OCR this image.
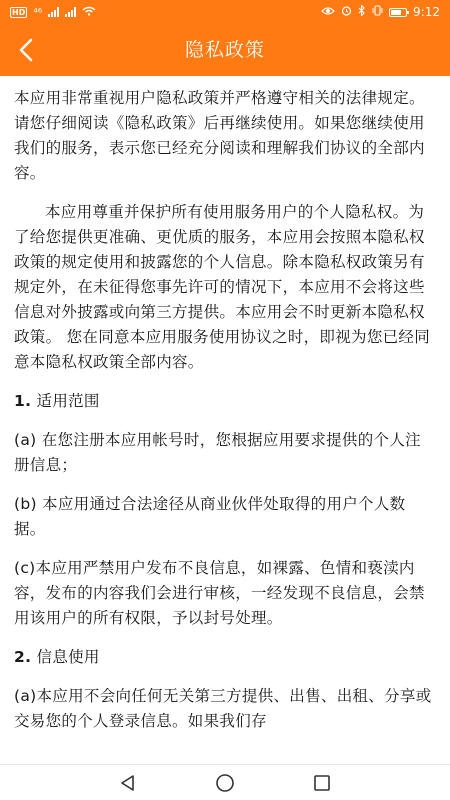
HD ⁴⁶	9:12
隐私政策

本应用非常重视用户隐私政策并严格遵守相关的法律规定。请您仔细阅读《隐私政策》后再继续使用。如果您继续使用我们的服务，表示您已经充分阅读和理解我们协议的全部内容。

本应用尊重并保护所有使用服务用户的个人隐私权。为了给您提供更准确、更优质的服务，本应用会按照本隐私权政策的规定使用和披露您的个人信息。除本隐私权政策另有规定外，在未征得您事先许可的情况下，本应用不会将这些信息对外披露或向第三方提供。本应用会不时更新本隐私权政策。 您在同意本应用服务使用协议之时，即视为您已经同意本隐私权政策全部内容。

1. 适用范围

(a) 在您注册本应用帐号时，您根据应用要求提供的个人注册信息；

(b) 本应用通过合法途径从商业伙伴处取得的用户个人数据。

(c)本应用严禁用户发布不良信息，如裸露、色情和亵渎内容，发布的内容我们会进行审核，一经发现不良信息，会禁用该用户的所有权限，予以封号处理。

2. 信息使用

(a)本应用不会向任何无关第三方提供、出售、出租、分享或交易您的个人登录信息。如果我们存
